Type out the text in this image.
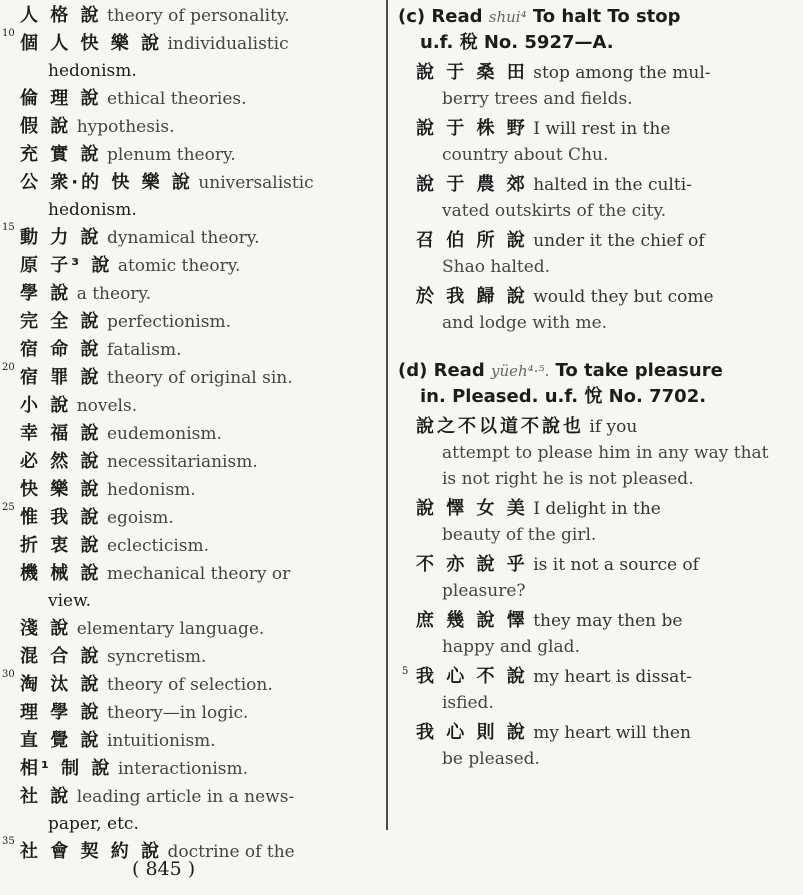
人 格 說 theory of personality.
10 個 人 快 樂 說 individualistic
hedonism.
倫 理 說 ethical theories.
假 說 hypothesis.
充 實 說 plenum theory.
公 衆·的 快 樂 說 universalistic
hedonism.
15 動 力 說 dynamical theory.
原 子³ 說 atomic theory.
學 說 a theory.
完 全 說 perfectionism.
宿 命 說 fatalism.
20 宿 罪 說 theory of original sin.
小 說 novels.
幸 福 說 eudemonism.
必 然 說 necessitarianism.
快 樂 說 hedonism.
25 惟 我 說 egoism.
折 衷 說 eclecticism.
機 械 說 mechanical theory or
view.
淺 說 elementary language.
混 合 說 syncretism.
30 淘 汰 說 theory of selection.
理 學 說 theory—in logic.
直 覺 說 intuitionism.
相¹ 制 說 interactionism.
社 說 leading article in a news-
paper, etc.
35 社 會 契 約 說 doctrine of the
(c) Read shui⁴ To halt To stop
u.f. 稅 No. 5927—A.
說 于 桑 田 stop among the mul-
berry trees and fields.
說 于 株 野 I will rest in the
country about Chu.
說 于 農 郊 halted in the culti-
vated outskirts of the city.
召 伯 所 說 under it the chief of
Shao halted.
於 我 歸 說 would they but come
and lodge with me.
(d) Read yüeh⁴·⁵. To take pleasure
in. Pleased. u.f. 悅 No. 7702.
說之不以道不說也 if you
attempt to please him in any way that is not right he is not pleased.
說 懌 女 美 I delight in the
beauty of the girl.
不 亦 說 乎 is it not a source of
pleasure?
庶 幾 說 懌 they may then be
happy and glad.
5 我 心 不 說 my heart is dissat-
isfied.
我 心 則 說 my heart will then
be pleased.
( 845 )
